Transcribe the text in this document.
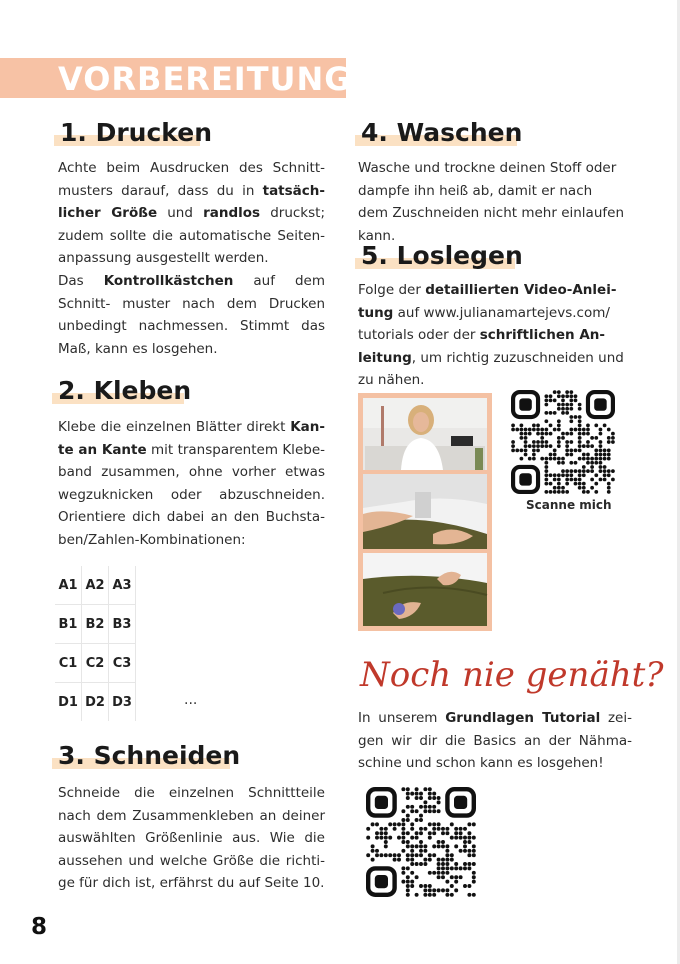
VORBEREITUNG
1. Drucken
Achte beim Ausdrucken des Schnitt- musters darauf, dass du in tatsäch- licher Größe und randlos druckst; zudem sollte die automatische Seiten- anpassung ausgestellt werden.
Das Kontrollkästchen auf dem Schnitt- muster nach dem Drucken unbedingt nachmessen. Stimmt das Maß, kann es losgehen.
2. Kleben
Klebe die einzelnen Blätter direkt Kan- te an Kante mit transparentem Klebe- band zusammen, ohne vorher etwas wegzuknicken oder abzuschneiden. Orientiere dich dabei an den Buchsta- ben/Zahlen-Kombinationen:
A1	A2	A3
B1	B2	B3
C1	C2	C3
D1	D2	D3	...
3. Schneiden
Schneide die einzelnen Schnittteile nach dem Zusammenkleben an deiner auswählten Größenlinie aus. Wie die aussehen und welche Größe die richti-ge für dich ist, erfährst du auf Seite 10.
4. Waschen
Wasche und trockne deinen Stoff oder
dampfe ihn heiß ab, damit er nach
dem Zuschneiden nicht mehr einlaufen
kann.
5. Loslegen
Folge der detaillierten Video-Anlei-
tung auf www.julianamartejevs.com/
tutorials oder der schriftlichen An-
leitung, um richtig zuzuschneiden und
zu nähen.
Scanne mich
Noch nie genäht?
In unserem Grundlagen Tutorial zei- gen wir dir die Basics an der Nähma- schine und schon kann es losgehen!
8
